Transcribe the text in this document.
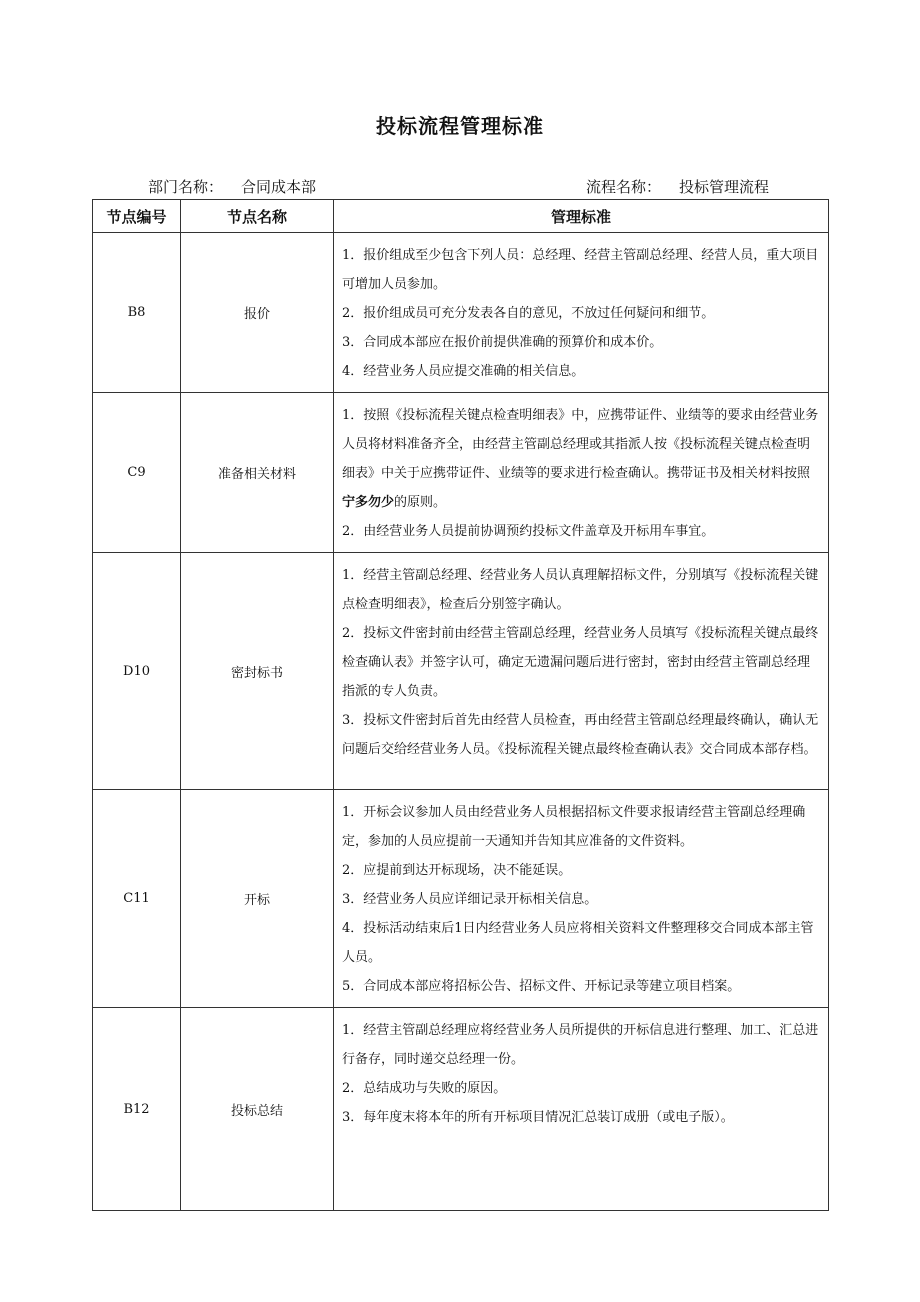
投标流程管理标准
部门名称： 合同成本部	流程名称： 投标管理流程
节点编号	节点名称	管理标准
B8	报价	1．报价组成至少包含下列人员：总经理、经营主管副总经理、经营人员，重大项目可增加人员参加。

2．报价组成员可充分发表各自的意见，不放过任何疑问和细节。

3．合同成本部应在报价前提供准确的预算价和成本价。

4．经营业务人员应提交准确的相关信息。

C9	准备相关材料	1．按照《投标流程关键点检查明细表》中，应携带证件、业绩等的要求由经营业务人员将材料准备齐全，由经营主管副总经理或其指派人按《投标流程关键点检查明细表》中关于应携带证件、业绩等的要求进行检查确认。携带证书及相关材料按照宁多勿少的原则。

2．由经营业务人员提前协调预约投标文件盖章及开标用车事宜。

D10	密封标书	1．经营主管副总经理、经营业务人员认真理解招标文件，分别填写《投标流程关键点检查明细表》，检查后分别签字确认。

2．投标文件密封前由经营主管副总经理，经营业务人员填写《投标流程关键点最终检查确认表》并签字认可，确定无遗漏问题后进行密封，密封由经营主管副总经理指派的专人负责。

3．投标文件密封后首先由经营人员检查，再由经营主管副总经理最终确认，确认无问题后交给经营业务人员。《投标流程关键点最终检查确认表》交合同成本部存档。

C11	开标	1．开标会议参加人员由经营业务人员根据招标文件要求报请经营主管副总经理确定，参加的人员应提前一天通知并告知其应准备的文件资料。

2．应提前到达开标现场，决不能延误。

3．经营业务人员应详细记录开标相关信息。

4．投标活动结束后1日内经营业务人员应将相关资料文件整理移交合同成本部主管人员。

5．合同成本部应将招标公告、招标文件、开标记录等建立项目档案。

B12	投标总结	1．经营主管副总经理应将经营业务人员所提供的开标信息进行整理、加工、汇总进行备存，同时递交总经理一份。

2．总结成功与失败的原因。

3．每年度末将本年的所有开标项目情况汇总装订成册（或电子版）。
